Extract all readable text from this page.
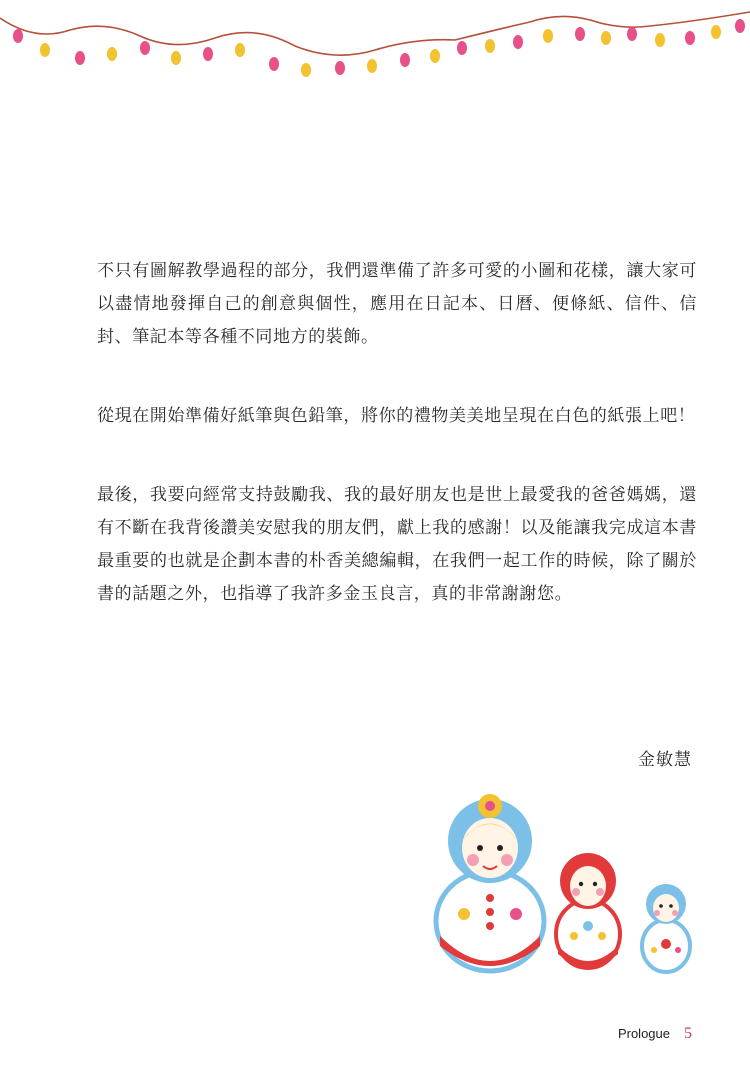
不只有圖解教學過程的部分，我們還準備了許多可愛的小圖和花樣，讓大家可以盡情地發揮自己的創意與個性，應用在日記本、日曆、便條紙、信件、信封、筆記本等各種不同地方的裝飾。

從現在開始準備好紙筆與色鉛筆，將你的禮物美美地呈現在白色的紙張上吧！

最後，我要向經常支持鼓勵我、我的最好朋友也是世上最愛我的爸爸媽媽，還有不斷在我背後讚美安慰我的朋友們，獻上我的感謝！以及能讓我完成這本書最重要的也就是企劃本書的朴香美總編輯，在我們一起工作的時候，除了關於書的話題之外，也指導了我許多金玉良言，真的非常謝謝您。

金敏慧
Prologue 5
